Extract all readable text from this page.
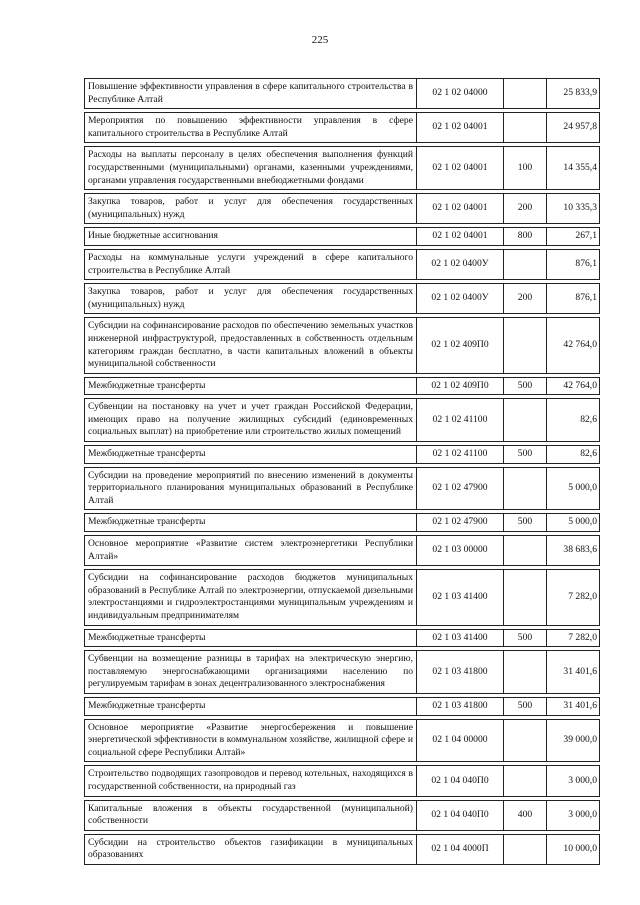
225
Повышение эффективности управления в сфере капитального строительства в Республике Алтай	02 1 02 04000		25 833,9

Мероприятия по повышению эффективности управления в сфере капитального строительства в Республике Алтай	02 1 02 04001		24 957,8

Расходы на выплаты персоналу в целях обеспечения выполнения функций государственными (муниципальными) органами, казенными учреждениями, органами управления государственными внебюджетными фондами	02 1 02 04001	100	14 355,4

Закупка товаров, работ и услуг для обеспечения государственных (муниципальных) нужд	02 1 02 04001	200	10 335,3

Иные бюджетные ассигнования	02 1 02 04001	800	267,1

Расходы на коммунальные услуги учреждений в сфере капитального строительства в Республике Алтай	02 1 02 0400У		876,1

Закупка товаров, работ и услуг для обеспечения государственных (муниципальных) нужд	02 1 02 0400У	200	876,1

Субсидии на софинансирование расходов по обеспечению земельных участков инженерной инфраструктурой, предоставленных в собственность отдельным категориям граждан бесплатно, в части капитальных вложений в объекты муниципальной собственности	02 1 02 409П0		42 764,0

Межбюджетные трансферты	02 1 02 409П0	500	42 764,0

Субвенции на постановку на учет и учет граждан Российской Федерации, имеющих право на получение жилищных субсидий (единовременных социальных выплат) на приобретение или строительство жилых помещений	02 1 02 41100		82,6

Межбюджетные трансферты	02 1 02 41100	500	82,6

Субсидии на проведение мероприятий по внесению изменений в документы территориального планирования муниципальных образований в Республике Алтай	02 1 02 47900		5 000,0

Межбюджетные трансферты	02 1 02 47900	500	5 000,0

Основное мероприятие «Развитие систем электроэнергетики Республики Алтай»	02 1 03 00000		38 683,6

Субсидии на софинансирование расходов бюджетов муниципальных образований в Республике Алтай по электроэнергии, отпускаемой дизельными электростанциями и гидроэлектростанциями муниципальным учреждениям и индивидуальным предпринимателям	02 1 03 41400		7 282,0

Межбюджетные трансферты	02 1 03 41400	500	7 282,0

Субвенции на возмещение разницы в тарифах на электрическую энергию, поставляемую энергоснабжающими организациями населению по регулируемым тарифам в зонах децентрализованного электроснабжения	02 1 03 41800		31 401,6

Межбюджетные трансферты	02 1 03 41800	500	31 401,6

Основное мероприятие «Развитие энергосбережения и повышение энергетической эффективности в коммунальном хозяйстве, жилищной сфере и социальной сфере Республики Алтай»	02 1 04 00000		39 000,0

Строительство подводящих газопроводов и перевод котельных, находящихся в государственной собственности, на природный газ	02 1 04 040П0		3 000,0

Капитальные вложения в объекты государственной (муниципальной) собственности	02 1 04 040П0	400	3 000,0

Субсидии на строительство объектов газификации в муниципальных образованиях	02 1 04 4000П		10 000,0
